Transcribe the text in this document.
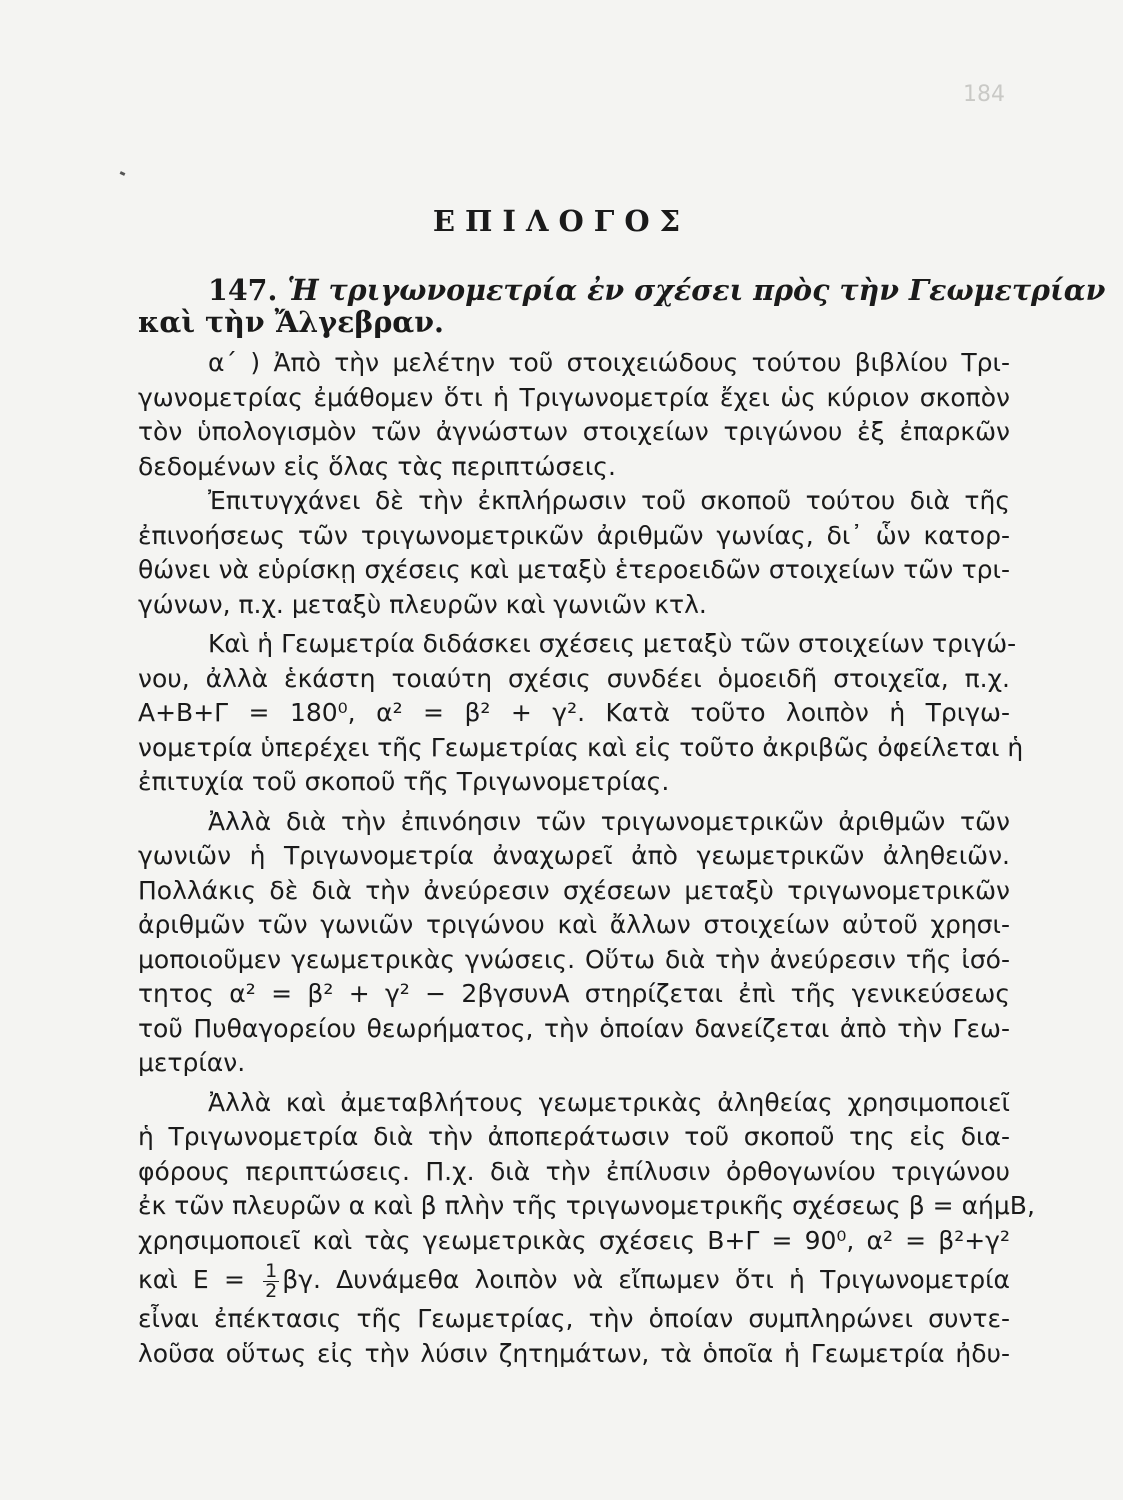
184
ΕΠΙΛΟΓΟΣ
147. Ἡ τριγωνομετρία ἐν σχέσει πρὸς τὴν Γεωμετρίαν
καὶ τὴν Ἄλγεβραν.
α΄ ) Ἀπὸ τὴν μελέτην τοῦ στοιχειώδους τούτου βιβλίου Τρι-
γωνομετρίας ἐμάθομεν ὅτι ἡ Τριγωνομετρία ἔχει ὡς κύριον σκοπὸν
τὸν ὑπολογισμὸν τῶν ἀγνώστων στοιχείων τριγώνου ἐξ ἐπαρκῶν
δεδομένων εἰς ὅλας τὰς περιπτώσεις.
Ἐπιτυγχάνει δὲ τὴν ἐκπλήρωσιν τοῦ σκοποῦ τούτου διὰ τῆς
ἐπινοήσεως τῶν τριγωνομετρικῶν ἀριθμῶν γωνίας, δι᾽ ὧν κατορ-
θώνει νὰ εὑρίσκῃ σχέσεις καὶ μεταξὺ ἑτεροειδῶν στοιχείων τῶν τρι-
γώνων, π.χ. μεταξὺ πλευρῶν καὶ γωνιῶν κτλ.
Καὶ ἡ Γεωμετρία διδάσκει σχέσεις μεταξὺ τῶν στοιχείων τριγώ-
νου, ἀλλὰ ἑκάστη τοιαύτη σχέσις συνδέει ὁμοειδῆ στοιχεῖα, π.χ.
Α+Β+Γ = 180⁰, α² = β² + γ². Κατὰ τοῦτο λοιπὸν ἡ Τριγω-
νομετρία ὑπερέχει τῆς Γεωμετρίας καὶ εἰς τοῦτο ἀκριβῶς ὀφείλεται ἡ
ἐπιτυχία τοῦ σκοποῦ τῆς Τριγωνομετρίας.
Ἀλλὰ διὰ τὴν ἐπινόησιν τῶν τριγωνομετρικῶν ἀριθμῶν τῶν
γωνιῶν ἡ Τριγωνομετρία ἀναχωρεῖ ἀπὸ γεωμετρικῶν ἀληθειῶν.
Πολλάκις δὲ διὰ τὴν ἀνεύρεσιν σχέσεων μεταξὺ τριγωνομετρικῶν
ἀριθμῶν τῶν γωνιῶν τριγώνου καὶ ἄλλων στοιχείων αὐτοῦ χρησι-
μοποιοῦμεν γεωμετρικὰς γνώσεις. Οὕτω διὰ τὴν ἀνεύρεσιν τῆς ἰσό-
τητος α² = β² + γ² − 2βγσυνΑ στηρίζεται ἐπὶ τῆς γενικεύσεως
τοῦ Πυθαγορείου θεωρήματος, τὴν ὁποίαν δανείζεται ἀπὸ τὴν Γεω-
μετρίαν.
Ἀλλὰ καὶ ἀμεταβλήτους γεωμετρικὰς ἀληθείας χρησιμοποιεῖ
ἡ Τριγωνομετρία διὰ τὴν ἀποπεράτωσιν τοῦ σκοποῦ της εἰς δια-
φόρους περιπτώσεις. Π.χ. διὰ τὴν ἐπίλυσιν ὀρθογωνίου τριγώνου
ἐκ τῶν πλευρῶν α καὶ β πλὴν τῆς τριγωνομετρικῆς σχέσεως β = αήμΒ,
χρησιμοποιεῖ καὶ τὰς γεωμετρικὰς σχέσεις Β+Γ = 90⁰, α² = β²+γ²
καὶ $E = \frac{1}{2} \beta\gamma$. Δυνάμεθα λοιπὸν νὰ εἴπωμεν ὅτι ἡ Τριγωνομετρία
εἶναι ἐπέκτασις τῆς Γεωμετρίας, τὴν ὁποίαν συμπληρώνει συντε-
λοῦσα οὕτως εἰς τὴν λύσιν ζητημάτων, τὰ ὁποῖα ἡ Γεωμετρία ἠδυ-
